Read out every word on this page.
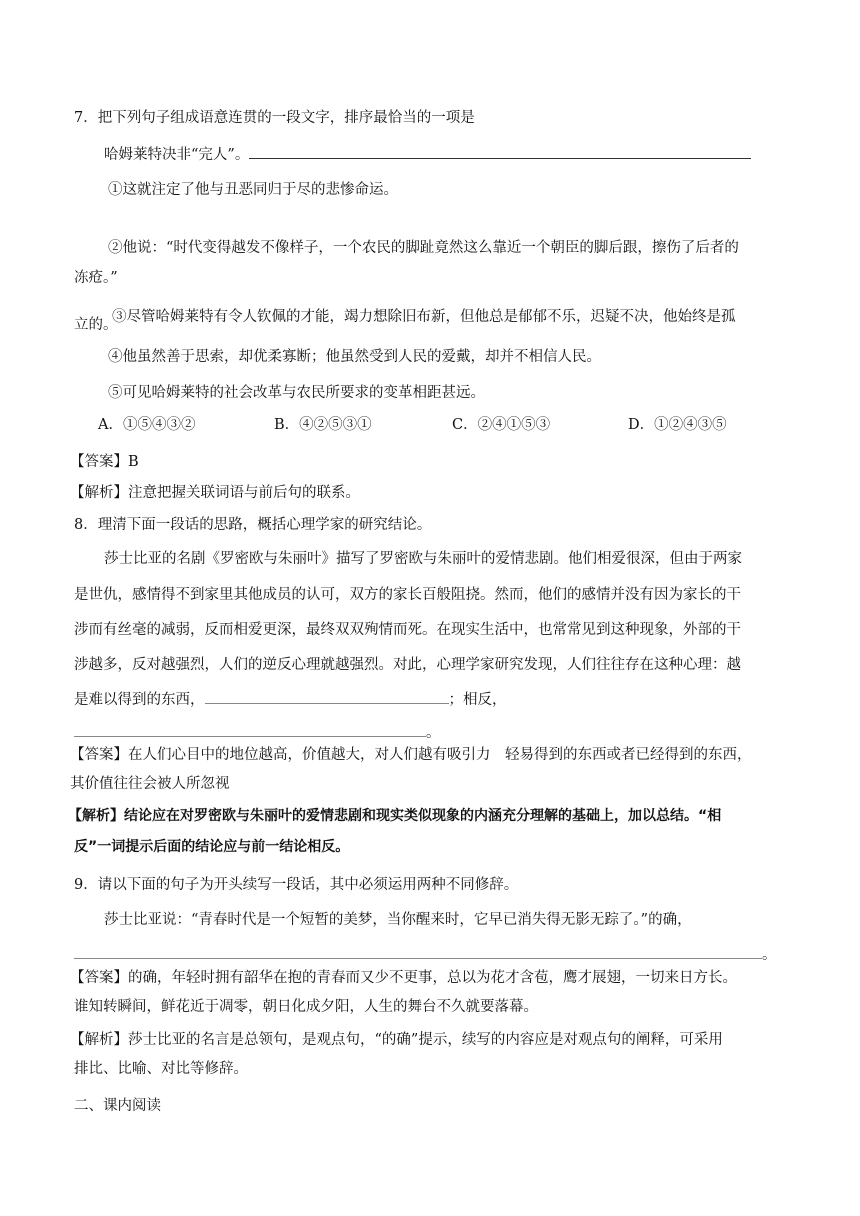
7．把下列句子组成语意连贯的一段文字，排序最恰当的一项是
哈姆莱特决非“完人”。
①这就注定了他与丑恶同归于尽的悲惨命运。
②他说：“时代变得越发不像样子，一个农民的脚趾竟然这么靠近一个朝臣的脚后跟，擦伤了后者的
冻疮。”
③尽管哈姆莱特有令人钦佩的才能，竭力想除旧布新，但他总是郁郁不乐，迟疑不决，他始终是孤
立的。
④他虽然善于思索，却优柔寡断；他虽然受到人民的爱戴，却并不相信人民。
⑤可见哈姆莱特的社会改革与农民所要求的变革相距甚远。
A．①⑤④③②	B．④②⑤③①	C．②④①⑤③	D．①②④③⑤
【答案】B
【解析】注意把握关联词语与前后句的联系。
8．理清下面一段话的思路，概括心理学家的研究结论。
莎士比亚的名剧《罗密欧与朱丽叶》描写了罗密欧与朱丽叶的爱情悲剧。他们相爱很深，但由于两家
是世仇，感情得不到家里其他成员的认可，双方的家长百般阻挠。然而，他们的感情并没有因为家长的干
涉而有丝毫的减弱，反而相爱更深，最终双双殉情而死。在现实生活中，也常常见到这种现象，外部的干
涉越多，反对越强烈，人们的逆反心理就越强烈。对此，心理学家研究发现，人们往往存在这种心理：越
是难以得到的东西，	；相反，
。
【答案】在人们心目中的地位越高，价值越大，对人们越有吸引力　轻易得到的东西或者已经得到的东西，
其价值往往会被人所忽视
【解析】结论应在对罗密欧与朱丽叶的爱情悲剧和现实类似现象的内涵充分理解的基础上，加以总结。“相
反”一词提示后面的结论应与前一结论相反。
9．请以下面的句子为开头续写一段话，其中必须运用两种不同修辞。
莎士比亚说：“青春时代是一个短暂的美梦，当你醒来时，它早已消失得无影无踪了。”的确，
。
【答案】的确，年轻时拥有韶华在抱的青春而又少不更事，总以为花才含苞，鹰才展翅，一切来日方长。
谁知转瞬间，鲜花近于凋零，朝日化成夕阳，人生的舞台不久就要落幕。
【解析】莎士比亚的名言是总领句，是观点句，“的确”提示，续写的内容应是对观点句的阐释，可采用
排比、比喻、对比等修辞。
二、课内阅读
